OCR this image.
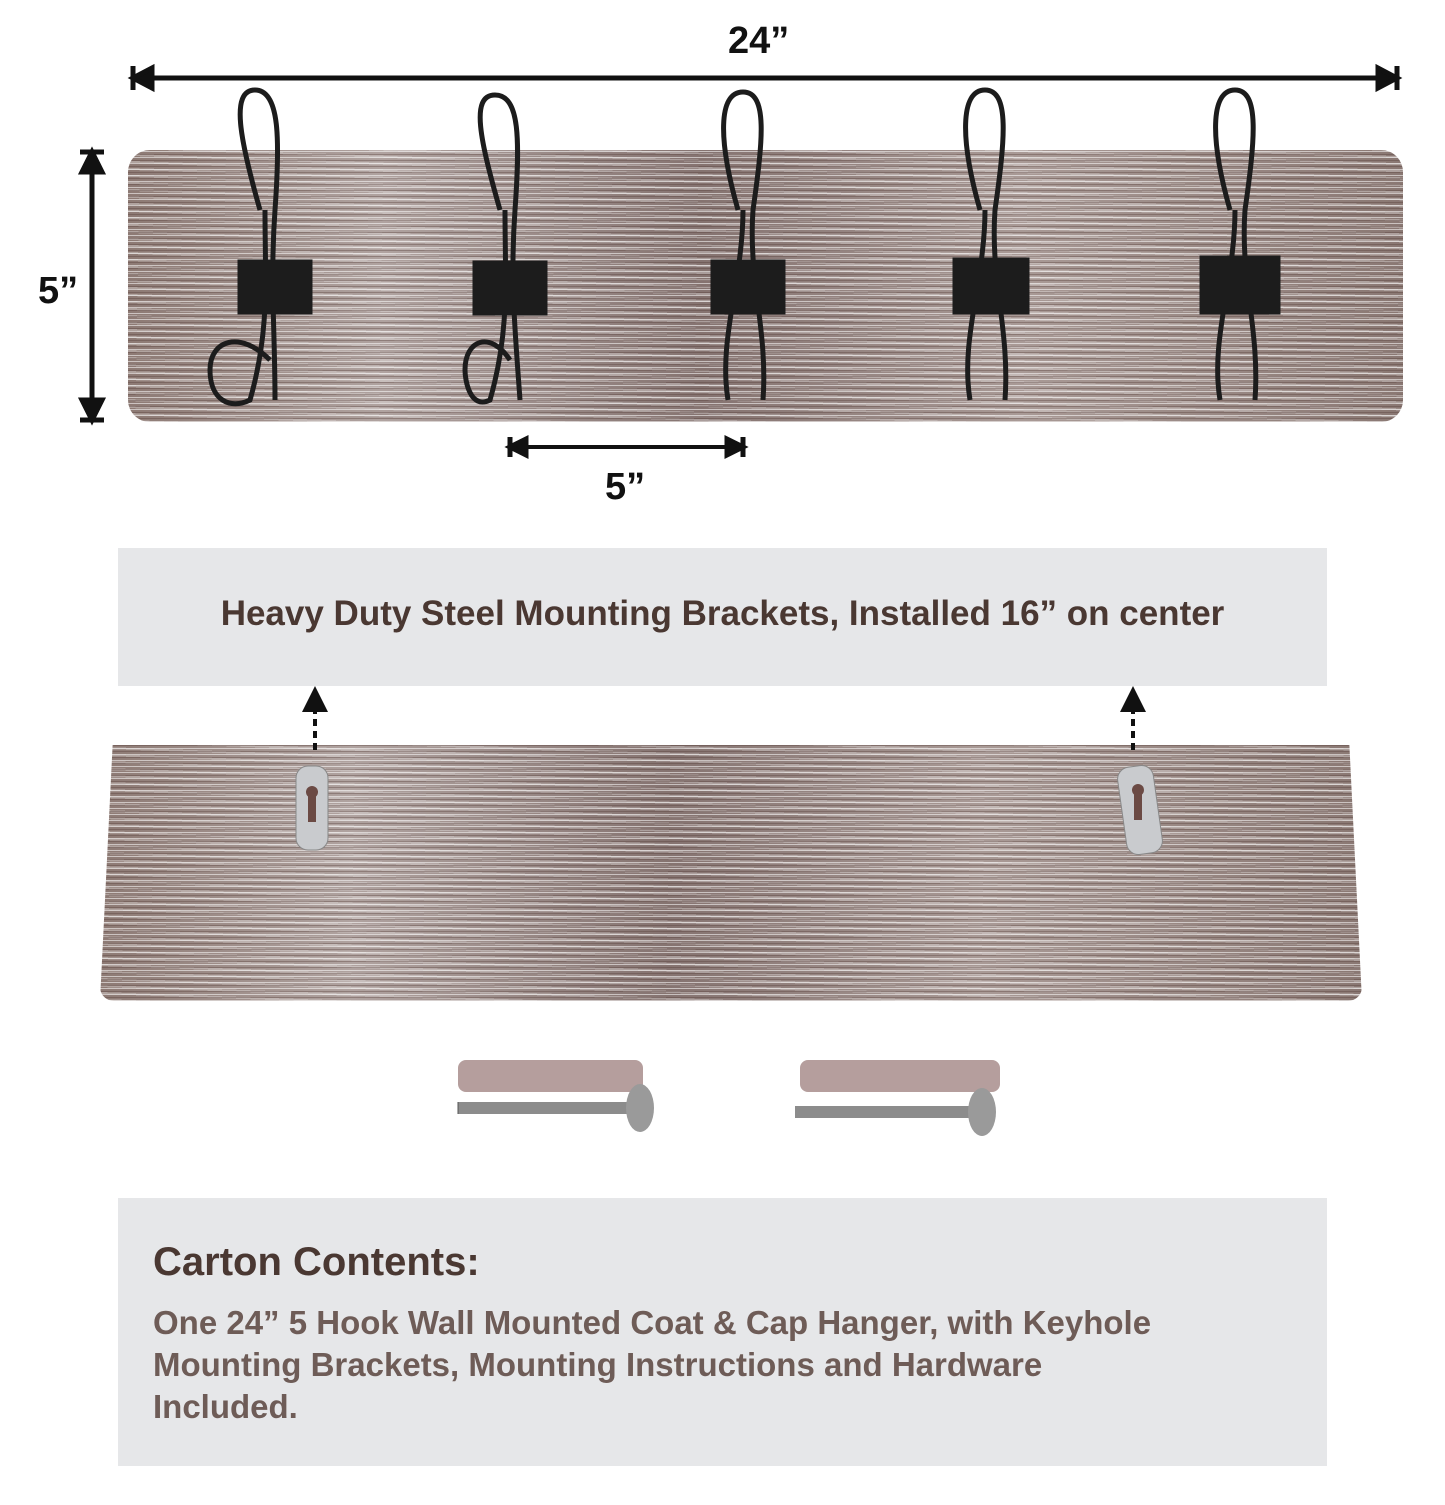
24”
5”
5”
Heavy Duty Steel Mounting Brackets, Installed 16” on center
Carton Contents:
One 24” 5 Hook Wall Mounted Coat & Cap Hanger, with Keyhole
Mounting Brackets, Mounting Instructions and Hardware
Included.
